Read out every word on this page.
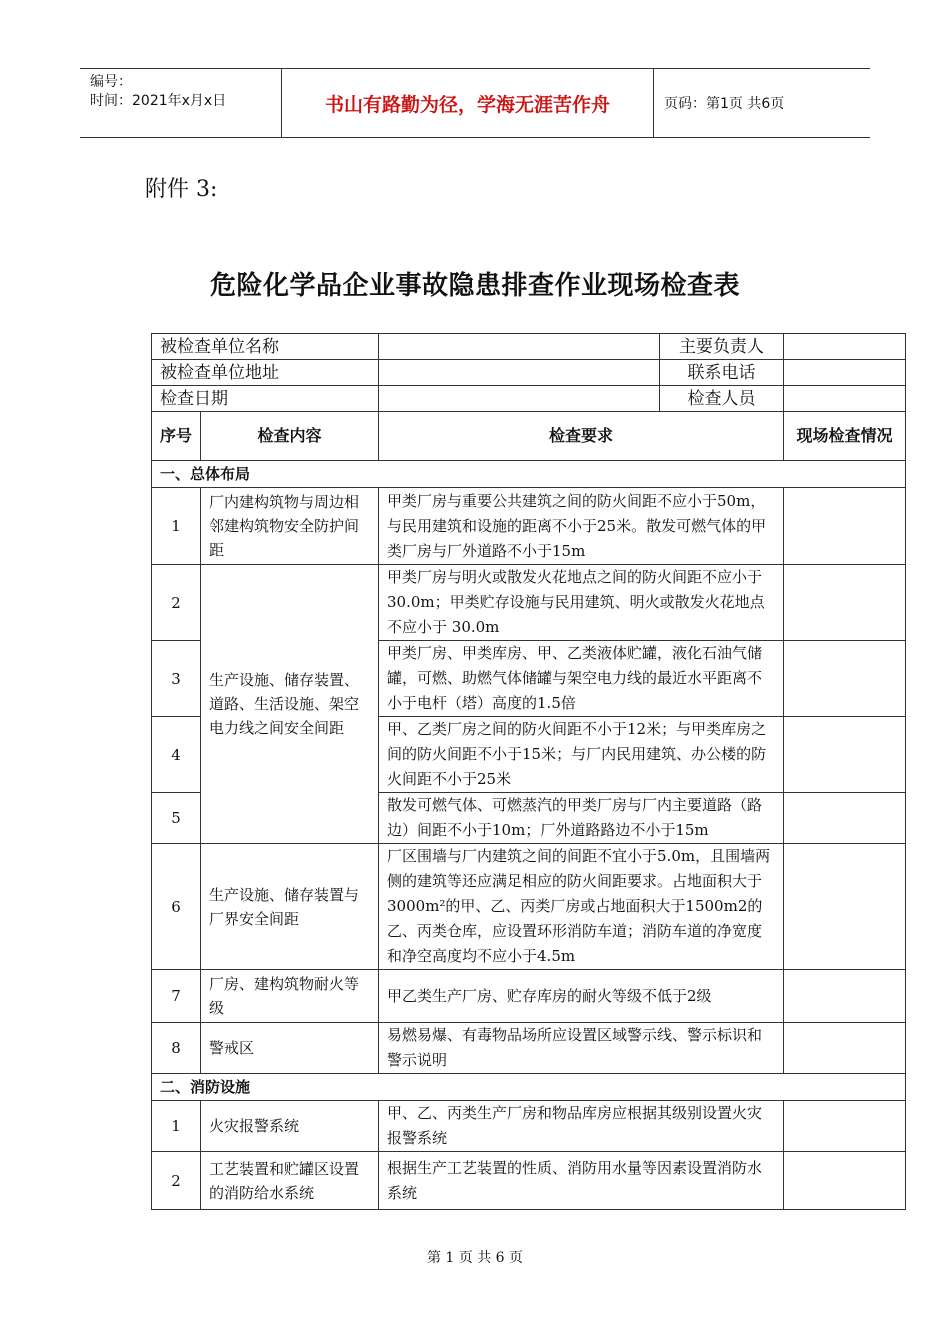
编号：
时间：2021年x月x日	书山有路勤为径，学海无涯苦作舟	页码：第1页 共6页
附件 3:
危险化学品企业事故隐患排查作业现场检查表
被检查单位名称			主要负责人	
被检查单位地址			联系电话	
检查日期			检查人员	
序号	检查内容	检查要求		现场检查情况
一、总体布局				
1	厂内建构筑物与周边相邻建构筑物安全防护间距	甲类厂房与重要公共建筑之间的防火间距不应小于50m，与民用建筑和设施的距离不小于25米。散发可燃气体的甲类厂房与厂外道路不小于15m		
2	生产设施、储存装置、道路、生活设施、架空电力线之间安全间距	甲类厂房与明火或散发火花地点之间的防火间距不应小于30.0m；甲类贮存设施与民用建筑、明火或散发火花地点不应小于 30.0m		
3		甲类厂房、甲类库房、甲、乙类液体贮罐，液化石油气储罐，可燃、助燃气体储罐与架空电力线的最近水平距离不小于电杆（塔）高度的1.5倍		
4		甲、乙类厂房之间的防火间距不小于12米；与甲类库房之间的防火间距不小于15米；与厂内民用建筑、办公楼的防火间距不小于25米		
5		散发可燃气体、可燃蒸汽的甲类厂房与厂内主要道路（路边）间距不小于10m；厂外道路路边不小于15m		
6	生产设施、储存装置与厂界安全间距	厂区围墙与厂内建筑之间的间距不宜小于5.0m，且围墙两侧的建筑等还应满足相应的防火间距要求。占地面积大于3000m²的甲、乙、丙类厂房或占地面积大于1500m2的乙、丙类仓库，应设置环形消防车道；消防车道的净宽度和净空高度均不应小于4.5m		
7	厂房、建构筑物耐火等级	甲乙类生产厂房、贮存库房的耐火等级不低于2级		
8	警戒区	易燃易爆、有毒物品场所应设置区域警示线、警示标识和警示说明		
二、消防设施				
1	火灾报警系统	甲、乙、丙类生产厂房和物品库房应根据其级别设置火灾报警系统		
2	工艺装置和贮罐区设置的消防给水系统	根据生产工艺装置的性质、消防用水量等因素设置消防水系统		
第 1 页 共 6 页
